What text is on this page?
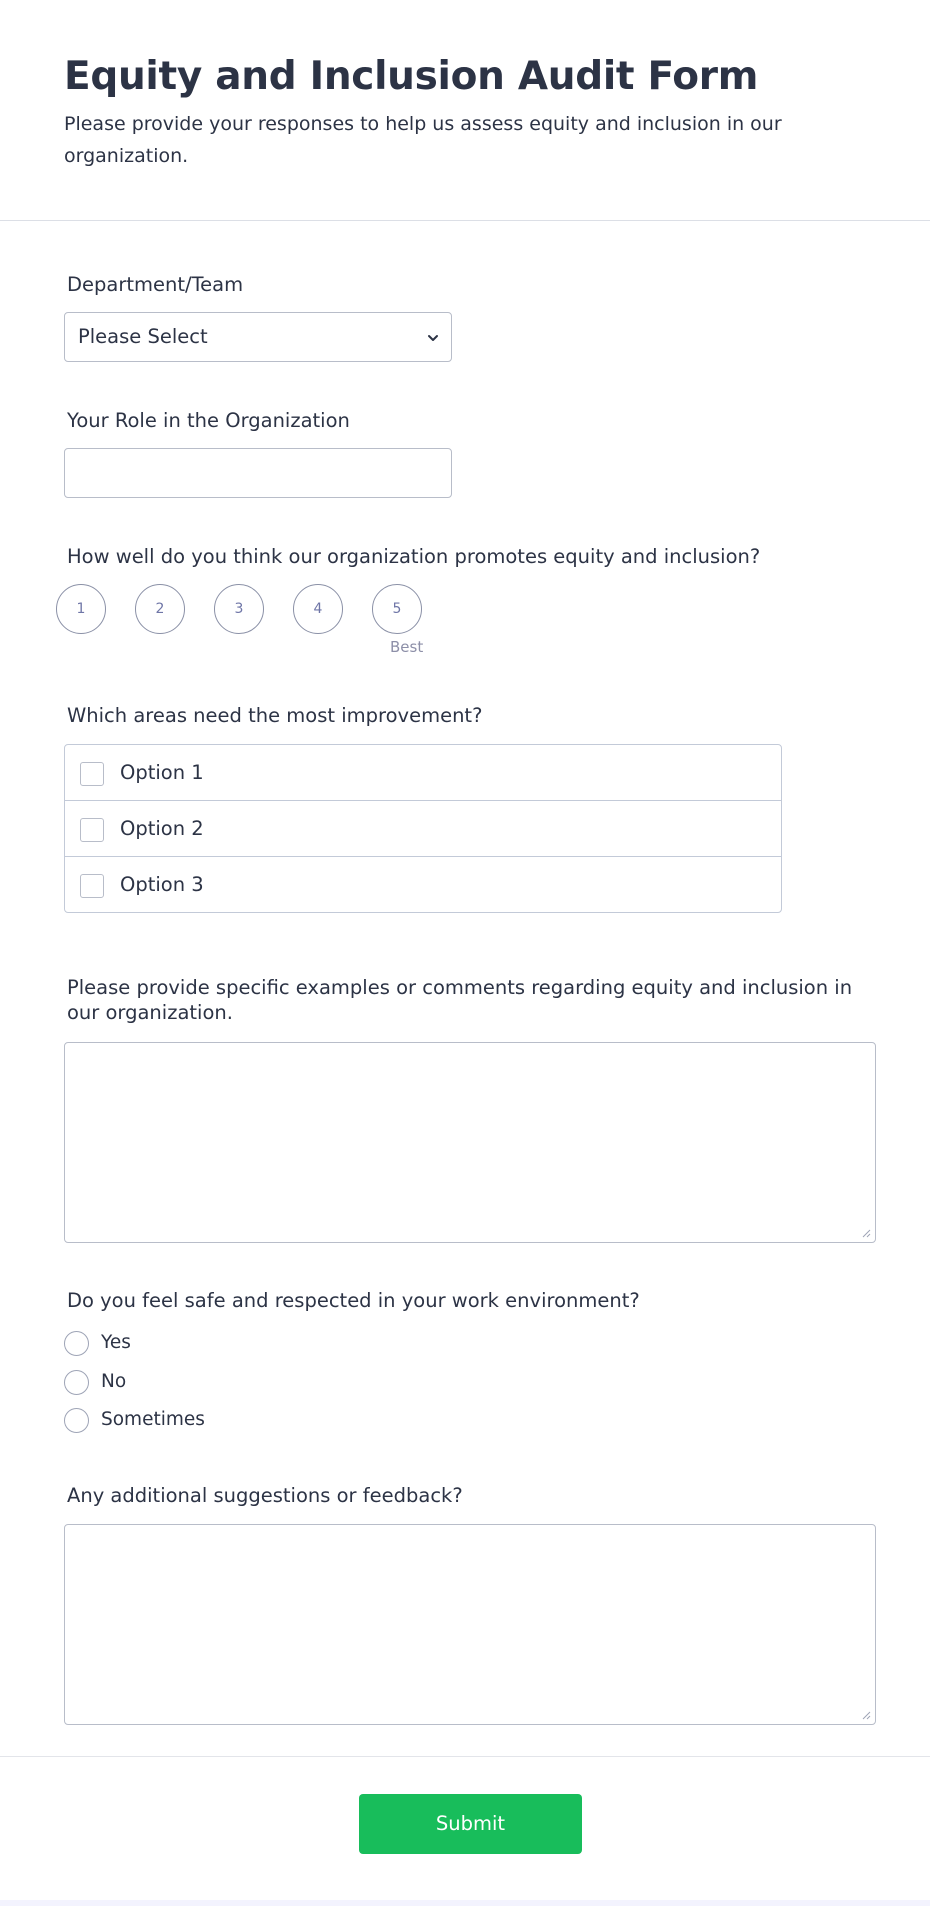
Equity and Inclusion Audit Form

Please provide your responses to help us assess equity and inclusion in our organization.

Department/Team
Please Select
Your Role in the Organization
How well do you think our organization promotes equity and inclusion?
1	2	3	4	5
Best
Which areas need the most improvement?
Option 1
Option 2
Option 3
Please provide specific examples or comments regarding equity and inclusion in our organization.
Do you feel safe and respected in your work environment?
Yes
No
Sometimes
Any additional suggestions or feedback?
Submit
